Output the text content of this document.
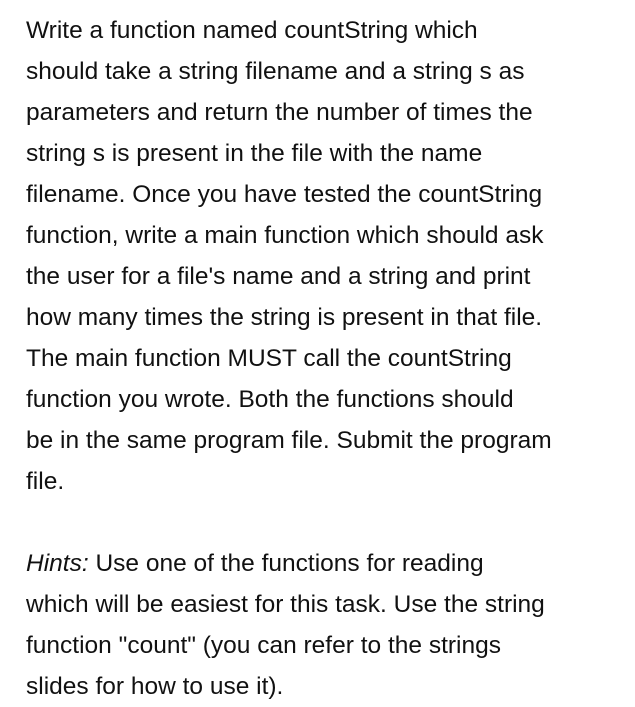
Write a function named countString which
should take a string filename and a string s as
parameters and return the number of times the
string s is present in the file with the name
filename. Once you have tested the countString
function, write a main function which should ask
the user for a file's name and a string and print
how many times the string is present in that file.
The main function MUST call the countString
function you wrote. Both the functions should
be in the same program file. Submit the program
file.
Hints: Use one of the functions for reading
which will be easiest for this task. Use the string
function "count" (you can refer to the strings
slides for how to use it).
